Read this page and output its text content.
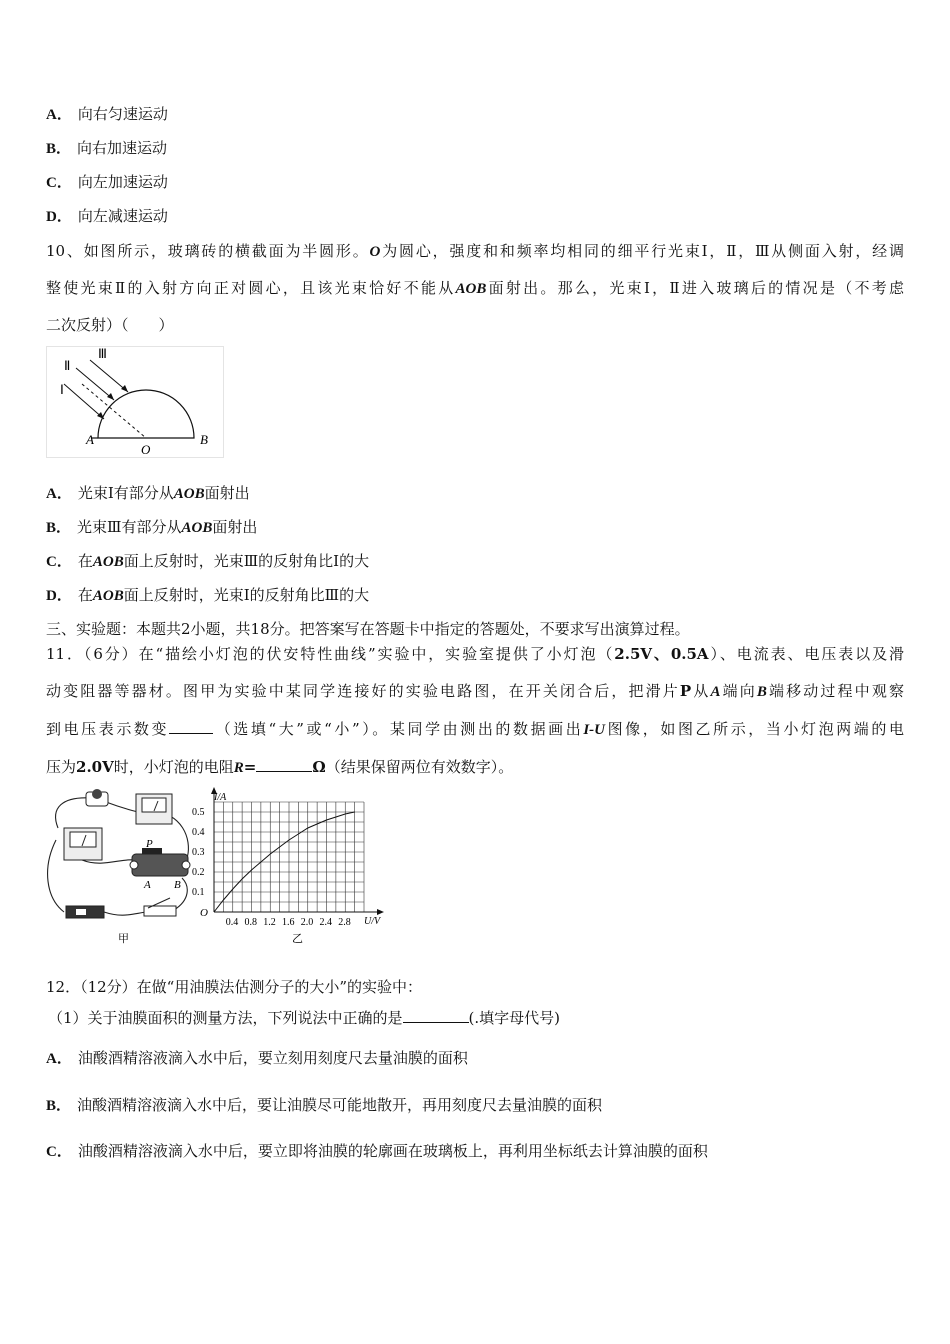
A． 向右匀速运动
B． 向右加速运动
C． 向左加速运动
D． 向左减速运动
10、如图所示，玻璃砖的横截面为半圆形。O为圆心，强度和和频率均相同的细平行光束Ⅰ，Ⅱ，Ⅲ从侧面入射，经调
整使光束Ⅱ的入射方向正对圆心，且该光束恰好不能从AOB面射出。那么，光束Ⅰ，Ⅱ进入玻璃后的情况是（不考虑
二次反射）（　　）
Ⅰ
Ⅱ
Ⅲ
A
O
B
A． 光束Ⅰ有部分从AOB面射出
B． 光束Ⅲ有部分从AOB面射出
C． 在AOB面上反射时，光束Ⅲ的反射角比Ⅰ的大
D． 在AOB面上反射时，光束Ⅰ的反射角比Ⅲ的大
三、实验题：本题共2小题，共18分。把答案写在答题卡中指定的答题处，不要求写出演算过程。
11．（6分）在“描绘小灯泡的伏安特性曲线”实验中，实验室提供了小灯泡（2.5V、0.5A）、电流表、电压表以及滑
动变阻器等器材。图甲为实验中某同学连接好的实验电路图，在开关闭合后，把滑片P从A端向B端移动过程中观察
到电压表示数变	（选填“大”或“小”）。某同学由测出的数据画出I-U图像，如图乙所示，当小灯泡两端的电
压为2.0V时，小灯泡的电阻R=	Ω（结果保留两位有效数字）。
P
A B
甲
0.4 0.8 1.2 1.6 2.0 2.4 2.8
0.1
0.2
0.3
0.4
0.5
I/A
U/V
O
乙
12．（12分）在做“用油膜法估测分子的大小”的实验中：
（1）关于油膜面积的测量方法，下列说法中正确的是	(.填字母代号)
A． 油酸酒精溶液滴入水中后，要立刻用刻度尺去量油膜的面积
B． 油酸酒精溶液滴入水中后，要让油膜尽可能地散开，再用刻度尺去量油膜的面积
C． 油酸酒精溶液滴入水中后，要立即将油膜的轮廓画在玻璃板上，再利用坐标纸去计算油膜的面积
